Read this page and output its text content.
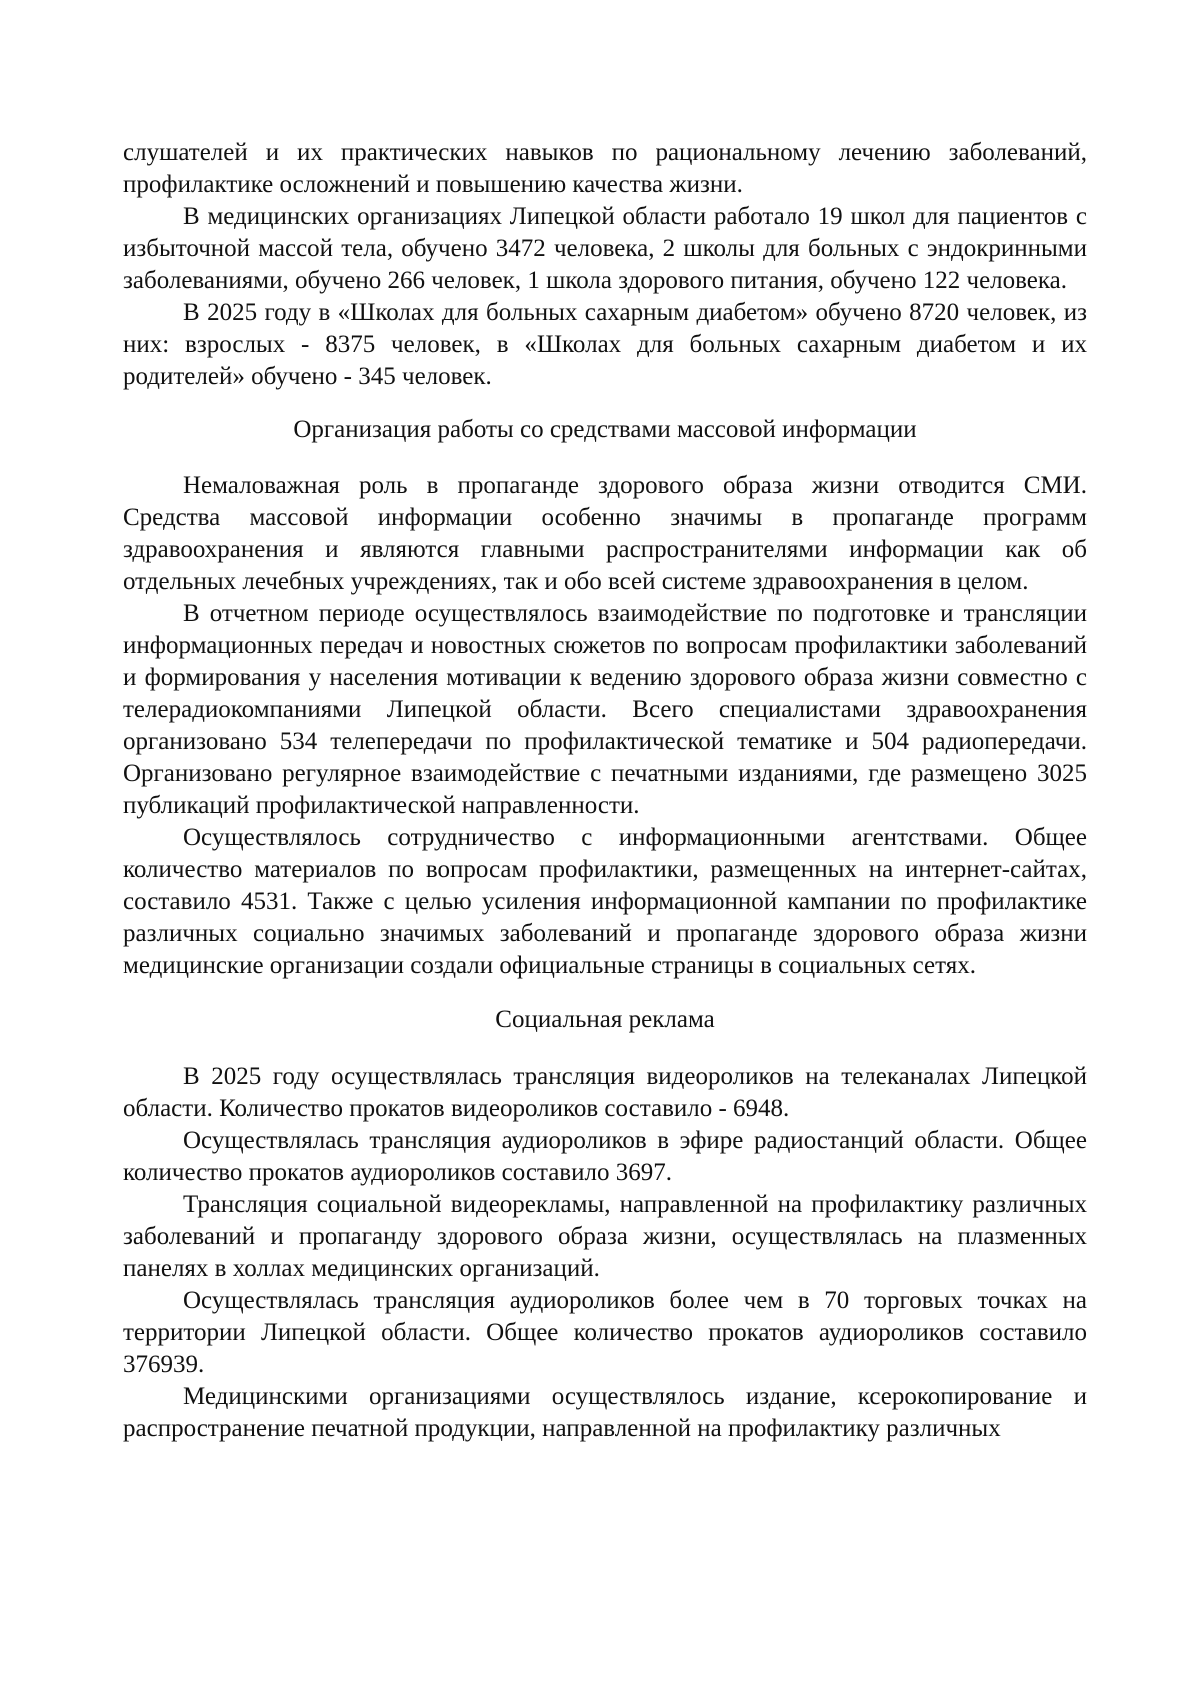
слушателей и их практических навыков по рациональному лечению заболеваний, профилактике осложнений и повышению качества жизни.

В медицинских организациях Липецкой области работало 19 школ для пациентов с избыточной массой тела, обучено 3472 человека, 2 школы для больных с эндокринными заболеваниями, обучено 266 человек, 1 школа здорового питания, обучено 122 человека.

В 2025 году в «Школах для больных сахарным диабетом» обучено 8720 человек, из них: взрослых - 8375 человек, в «Школах для больных сахарным диабетом и их родителей» обучено - 345 человек.

Организация работы со средствами массовой информации

Немаловажная роль в пропаганде здорового образа жизни отводится СМИ. Средства массовой информации особенно значимы в пропаганде программ здравоохранения и являются главными распространителями информации как об отдельных лечебных учреждениях, так и обо всей системе здравоохранения в целом.

В отчетном периоде осуществлялось взаимодействие по подготовке и трансляции информационных передач и новостных сюжетов по вопросам профилактики заболеваний и формирования у населения мотивации к ведению здорового образа жизни совместно с телерадиокомпаниями Липецкой области. Всего специалистами здравоохранения организовано 534 телепередачи по профилактической тематике и 504 радиопередачи. Организовано регулярное взаимодействие с печатными изданиями, где размещено 3025 публикаций профилактической направленности.

Осуществлялось сотрудничество с информационными агентствами. Общее количество материалов по вопросам профилактики, размещенных на интернет-сайтах, составило 4531. Также с целью усиления информационной кампании по профилактике различных социально значимых заболеваний и пропаганде здорового образа жизни медицинские организации создали официальные страницы в социальных сетях.

Социальная реклама

В 2025 году осуществлялась трансляция видеороликов на телеканалах Липецкой области. Количество прокатов видеороликов составило - 6948.

Осуществлялась трансляция аудиороликов в эфире радиостанций области. Общее количество прокатов аудиороликов составило 3697.

Трансляция социальной видеорекламы, направленной на профилактику различных заболеваний и пропаганду здорового образа жизни, осуществлялась на плазменных панелях в холлах медицинских организаций.

Осуществлялась трансляция аудиороликов более чем в 70 торговых точках на территории Липецкой области. Общее количество прокатов аудиороликов составило 376939.

Медицинскими организациями осуществлялось издание, ксерокопирование и распространение печатной продукции, направленной на профилактику различных
